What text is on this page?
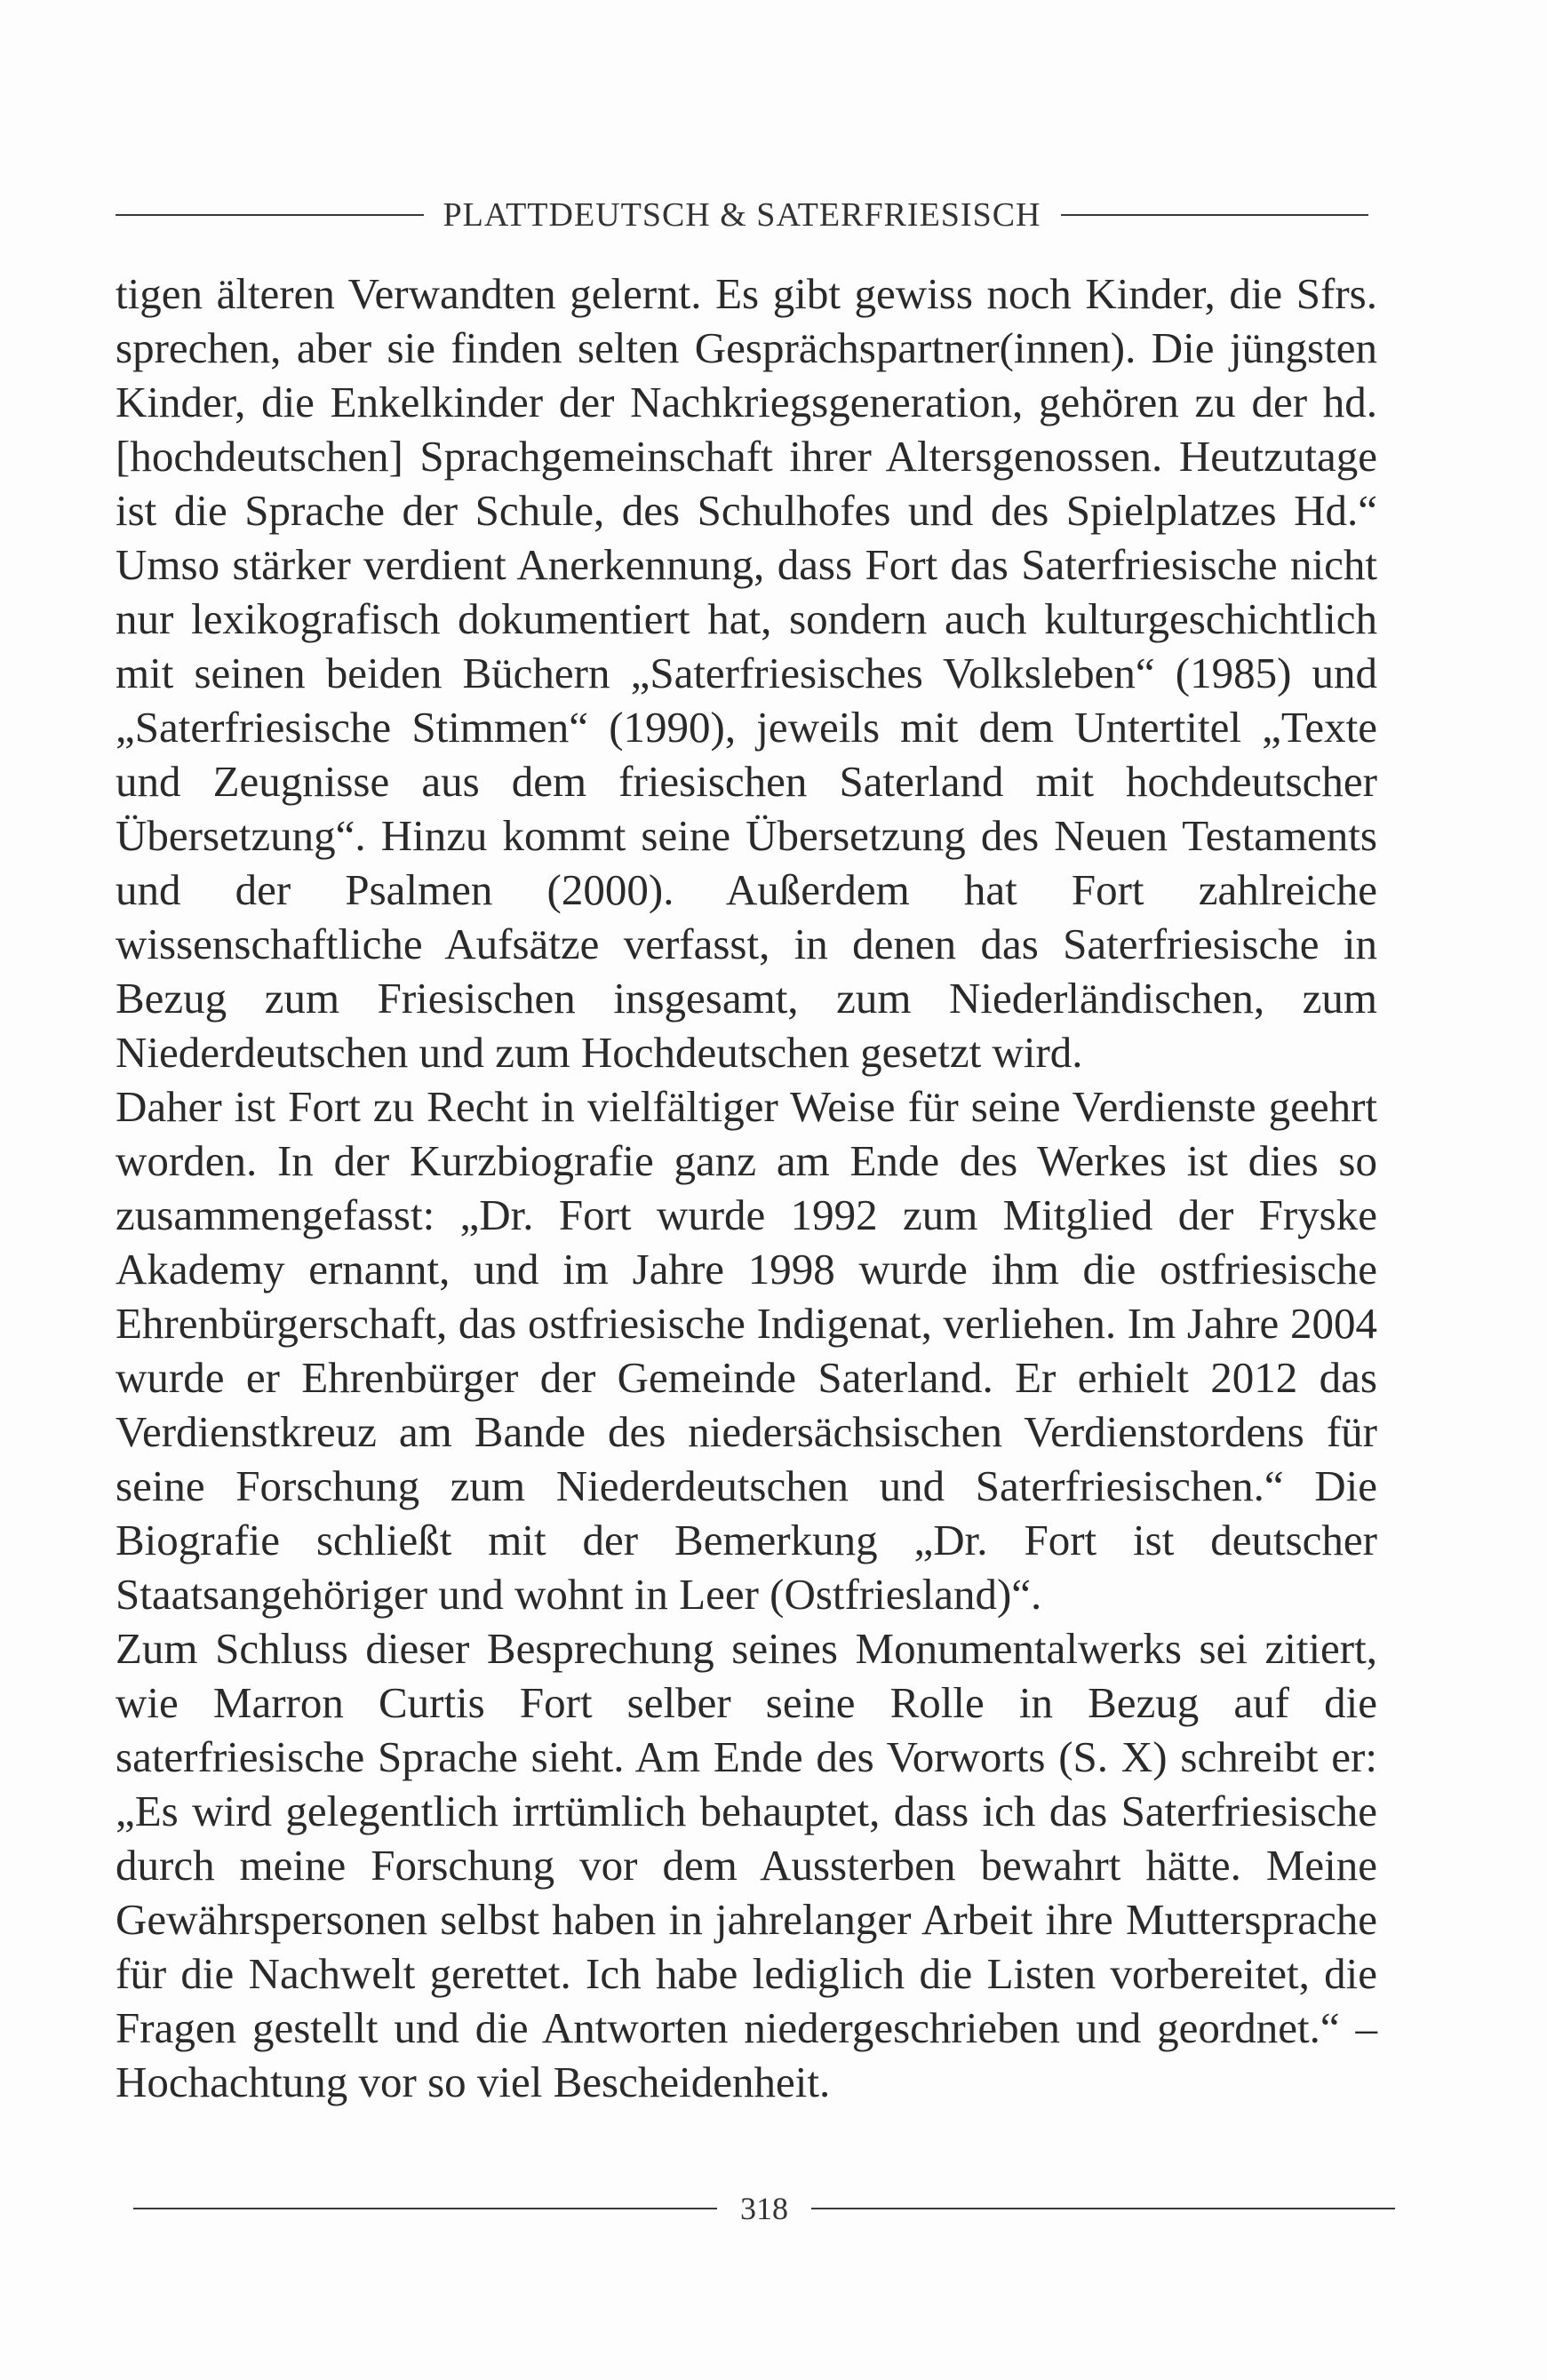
PLATTDEUTSCH & SATERFRIESISCH

tigen älteren Verwandten gelernt. Es gibt gewiss noch Kinder, die Sfrs. sprechen, aber sie finden selten Gesprächspartner(innen). Die jüngsten Kinder, die Enkelkinder der Nachkriegsgeneration, gehören zu der hd. [hochdeutschen] Sprachgemeinschaft ihrer Altersgenossen. Heutzutage ist die Sprache der Schule, des Schulhofes und des Spielplatzes Hd.“ Umso stärker verdient Anerkennung, dass Fort das Saterfriesische nicht nur lexikografisch dokumentiert hat, sondern auch kulturgeschichtlich mit seinen beiden Büchern „Saterfriesisches Volksleben“ (1985) und „Saterfriesische Stimmen“ (1990), jeweils mit dem Untertitel „Texte und Zeugnisse aus dem friesischen Saterland mit hochdeutscher Übersetzung“. Hinzu kommt seine Übersetzung des Neuen Testaments und der Psalmen (2000). Außerdem hat Fort zahlreiche wissenschaftliche Aufsätze verfasst, in denen das Saterfriesische in Bezug zum Friesischen insgesamt, zum Niederländischen, zum Niederdeutschen und zum Hochdeutschen gesetzt wird.

Daher ist Fort zu Recht in vielfältiger Weise für seine Verdienste geehrt worden. In der Kurzbiografie ganz am Ende des Werkes ist dies so zusammengefasst: „Dr. Fort wurde 1992 zum Mitglied der Fryske Akademy ernannt, und im Jahre 1998 wurde ihm die ostfriesische Ehrenbürgerschaft, das ostfriesische Indigenat, verliehen. Im Jahre 2004 wurde er Ehrenbürger der Gemeinde Saterland. Er erhielt 2012 das Verdienstkreuz am Bande des niedersächsischen Verdienstordens für seine Forschung zum Niederdeutschen und Saterfriesischen.“ Die Biografie schließt mit der Bemerkung „Dr. Fort ist deutscher Staatsangehöriger und wohnt in Leer (Ostfriesland)“.

Zum Schluss dieser Besprechung seines Monumentalwerks sei zitiert, wie Marron Curtis Fort selber seine Rolle in Bezug auf die saterfriesische Sprache sieht. Am Ende des Vorworts (S. X) schreibt er: „Es wird gelegentlich irrtümlich behauptet, dass ich das Saterfriesische durch meine Forschung vor dem Aussterben bewahrt hätte. Meine Gewährspersonen selbst haben in jahrelanger Arbeit ihre Muttersprache für die Nachwelt gerettet. Ich habe lediglich die Listen vorbereitet, die Fragen gestellt und die Antworten niedergeschrieben und geordnet.“ – Hochachtung vor so viel Bescheidenheit.

318
